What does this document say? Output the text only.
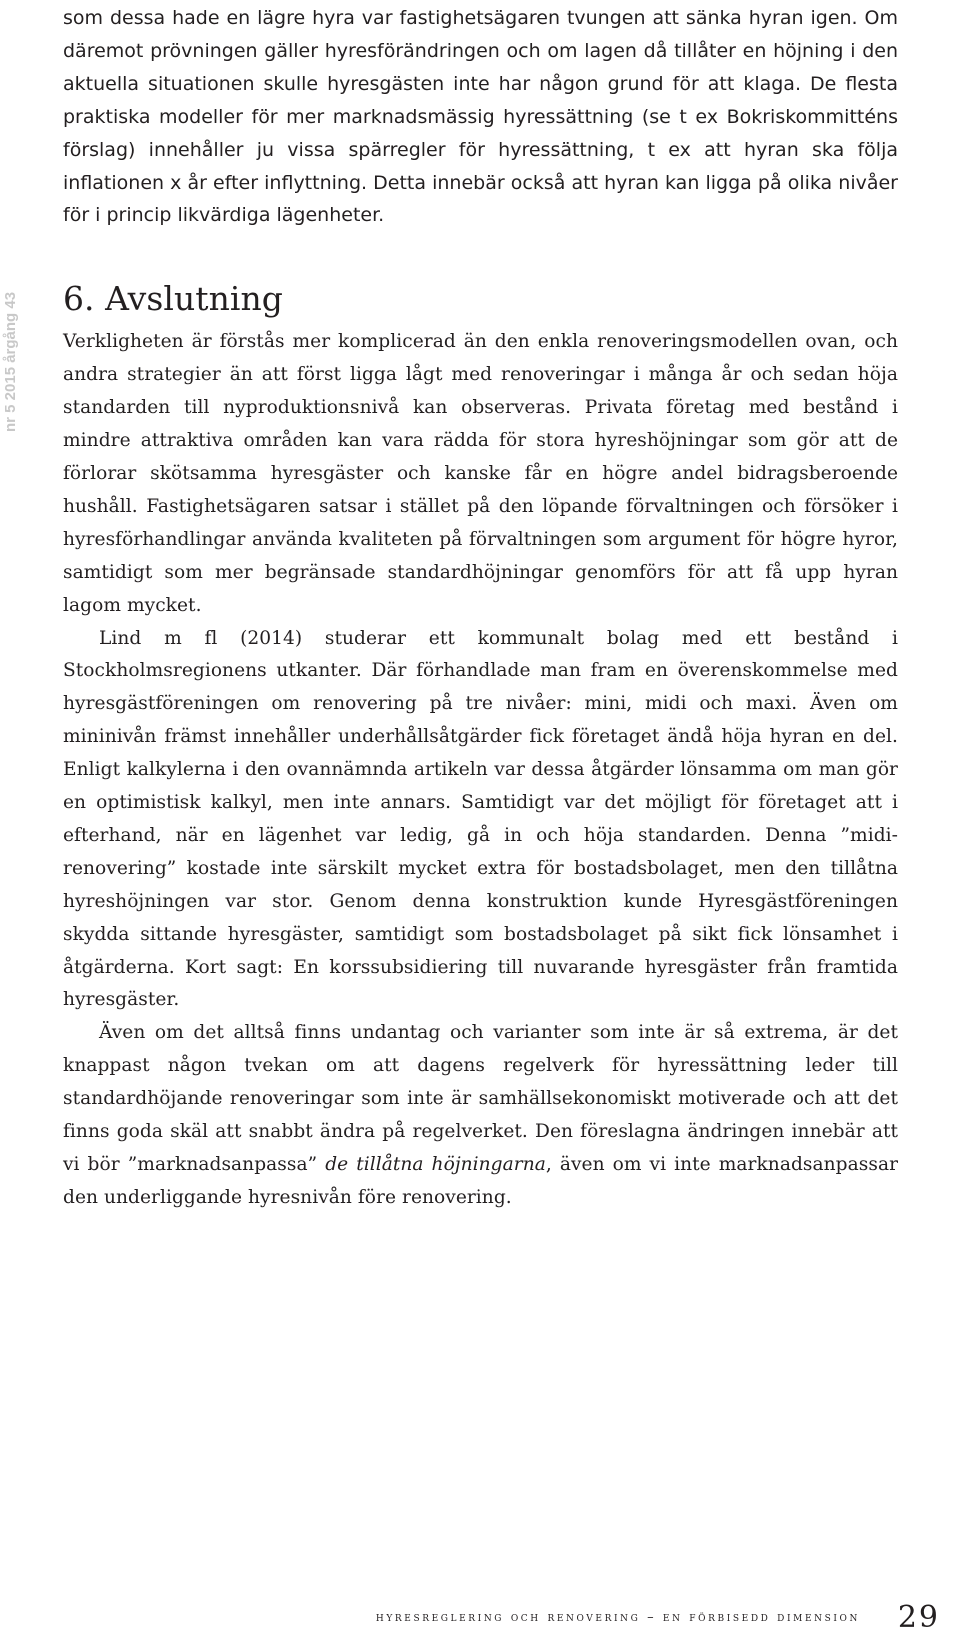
nr 5 2015 årgång 43

som dessa hade en lägre hyra var fastighetsägaren tvungen att sänka hyran igen. Om däremot prövningen gäller hyresförändringen och om lagen då tillåter en höjning i den aktuella situationen skulle hyresgästen inte har någon grund för att klaga. De flesta praktiska modeller för mer marknadsmässig hyressättning (se t ex Bokriskommitténs förslag) innehåller ju vissa spärregler för hyressättning, t ex att hyran ska följa inflationen x år efter inflyttning. Detta innebär också att hyran kan ligga på olika nivåer för i princip likvärdiga lägenheter.

6. Avslutning

Verkligheten är förstås mer komplicerad än den enkla renoveringsmodellen ovan, och andra strategier än att först ligga lågt med renoveringar i många år och sedan höja standarden till nyproduktionsnivå kan observeras. Privata företag med bestånd i mindre attraktiva områden kan vara rädda för stora hyreshöjningar som gör att de förlorar skötsamma hyresgäster och kanske får en högre andel bidragsberoende hushåll. Fastighetsägaren satsar i stället på den löpande förvaltningen och försöker i hyresförhandlingar använda kvaliteten på förvaltningen som argument för högre hyror, samtidigt som mer begränsade standardhöjningar genomförs för att få upp hyran lagom mycket.

Lind m fl (2014) studerar ett kommunalt bolag med ett bestånd i Stockholmsregionens utkanter. Där förhandlade man fram en överenskommelse med hyresgästföreningen om renovering på tre nivåer: mini, midi och maxi. Även om mininivån främst innehåller underhållsåtgärder fick företaget ändå höja hyran en del. Enligt kalkylerna i den ovannämnda artikeln var dessa åtgärder lönsamma om man gör en optimistisk kalkyl, men inte annars. Samtidigt var det möjligt för företaget att i efterhand, när en lägenhet var ledig, gå in och höja standarden. Denna ”midi-renovering” kostade inte särskilt mycket extra för bostadsbolaget, men den tillåtna hyreshöjningen var stor. Genom denna konstruktion kunde Hyresgästföreningen skydda sittande hyresgäster, samtidigt som bostadsbolaget på sikt fick lönsamhet i åtgärderna. Kort sagt: En korssubsidiering till nuvarande hyresgäster från framtida hyresgäster.

Även om det alltså finns undantag och varianter som inte är så extrema, är det knappast någon tvekan om att dagens regelverk för hyressättning leder till standardhöjande renoveringar som inte är samhällsekonomiskt motiverade och att det finns goda skäl att snabbt ändra på regelverket. Den föreslagna ändringen innebär att vi bör ”marknadsanpassa” de tillåtna höjningarna, även om vi inte marknadsanpassar den underliggande hyresnivån före renovering.

hyresreglering och renovering – en förbisedd dimension 29
